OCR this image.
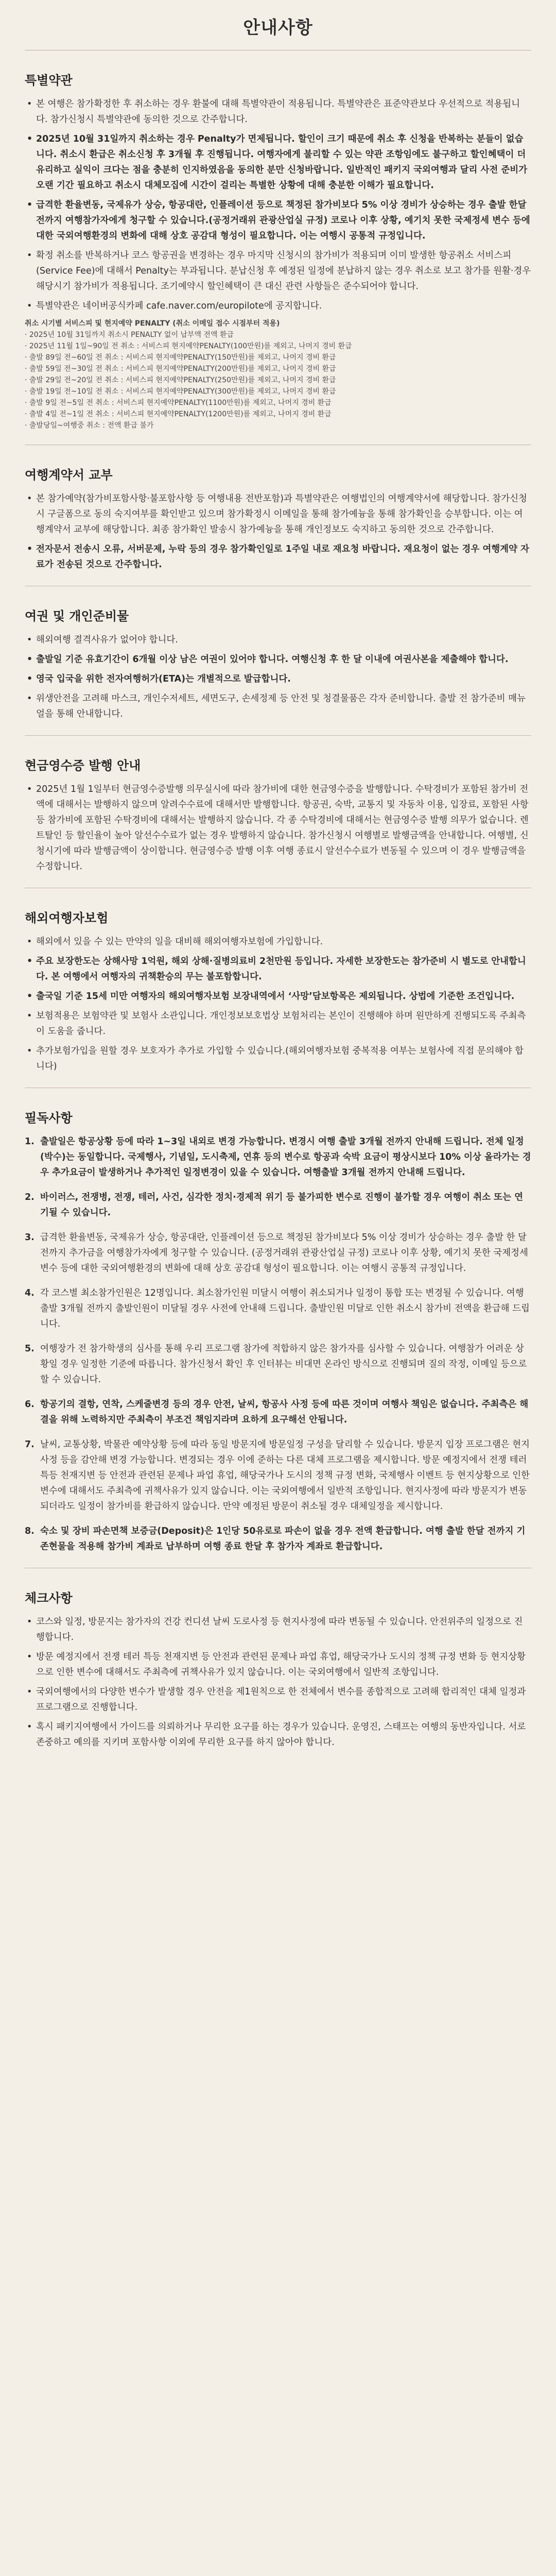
안내사항
특별약관
• 본 여행은 참가확정한 후 취소하는 경우 환불에 대해 특별약관이 적용됩니다. 특별약관은 표준약관보다 우선적으로 적용됩니다. 참가신청시 특별약관에 동의한 것으로 간주합니다.
• 2025년 10월 31일까지 취소하는 경우 Penalty가 면제됩니다. 할인이 크기 때문에 취소 후 신청을 반복하는 분들이 없습니다. 취소시 환급은 취소신청 후 3개월 후 진행됩니다. 여행자에게 불리할 수 있는 약관 조항임에도 불구하고 할인혜택이 더 유리하고 실익이 크다는 점을 충분히 인지하였음을 동의한 분만 신청바랍니다. 일반적인 패키지 국외여행과 달리 사전 준비가 오랜 기간 필요하고 취소시 대체모집에 시간이 걸리는 특별한 상황에 대해 충분한 이해가 필요합니다.
• 급격한 환율변동, 국제유가 상승, 항공대란, 인플레이션 등으로 책정된 참가비보다 5% 이상 경비가 상승하는 경우 출발 한달 전까지 여행참가자에게 청구할 수 있습니다.(공정거래위 관광산업실 규정) 코로나 이후 상황, 예기치 못한 국제정세 변수 등에 대한 국외여행환경의 변화에 대해 상호 공감대 형성이 필요합니다. 이는 여행시 공통적 규정입니다.
• 확정 취소를 반복하거나 코스 항공권을 변경하는 경우 마지막 신청시의 참가비가 적용되며 이미 발생한 항공취소 서비스피(Service Fee)에 대해서 Penalty는 부과됩니다. 분납신청 후 예정된 일정에 분납하지 않는 경우 취소로 보고 참가를 원활·경우 해당시기 참가비가 적용됩니다. 조기예약시 할인혜택이 큰 대신 관련 사항들은 준수되어야 합니다.
• 특별약관은 네이버공식카페 cafe.naver.com/europilote에 공지합니다.
취소 시기별 서비스피 및 현지예약 PENALTY (취소 이메일 접수 시점부터 적용)
· 2025년 10월 31일까지 취소시 PENALTY 없이 납부액 전액 환급
· 2025년 11월 1일~90일 전 취소 : 서비스피 현지예약PENALTY(100만원)를 제외고, 나머지 경비 환급
· 출발 89일 전~60일 전 취소 : 서비스피 현지예약PENALTY(150만원)를 제외고, 나머지 경비 환급
· 출발 59일 전~30일 전 취소 : 서비스피 현지예약PENALTY(200만원)를 제외고, 나머지 경비 환급
· 출발 29일 전~20일 전 취소 : 서비스피 현지예약PENALTY(250만원)를 제외고, 나머지 경비 환급
· 출발 19일 전~10일 전 취소 : 서비스피 현지예약PENALTY(300만원)를 제외고, 나머지 경비 환급
· 출발 9일 전~5일 전 취소 : 서비스피 현지예약PENALTY(1100만원)를 제외고, 나머지 경비 환급
· 출발 4일 전~1일 전 취소 : 서비스피 현지예약PENALTY(1200만원)를 제외고, 나머지 경비 환급
· 출발당일~여행중 취소 : 전액 환급 불가
여행계약서 교부
• 본 참가예약(참가비포함사항·불포함사항 등 여행내용 전반포함)과 특별약관은 여행법인의 여행계약서에 해당합니다. 참가신청시 구글폼으로 동의 숙지여부를 확인받고 있으며 참가확정시 이메일을 통해 참가예늉을 통해 참가확인을 승부합니다. 이는 여행계약서 교부에 해당합니다. 최종 참가확인 발송시 참가예늉을 통해 개인정보도 숙지하고 동의한 것으로 간주합니다.
• 전자문서 전송시 오류, 서버문제, 누락 등의 경우 참가확인일로 1주일 내로 재요청 바랍니다. 재요청이 없는 경우 여행계약 자료가 전송된 것으로 간주합니다.
여권 및 개인준비물
• 해외여행 결격사유가 없어야 합니다.
• 출발일 기준 유효기간이 6개월 이상 남은 여권이 있어야 합니다. 여행신청 후 한 달 이내에 여권사본을 제출해야 합니다.
• 영국 입국을 위한 전자여행허가(ETA)는 개별적으로 발급합니다.
• 위생안전을 고려해 마스크, 개인수저세트, 세면도구, 손세정제 등 안전 및 청결물품은 각자 준비합니다. 출발 전 참가준비 매뉴얼을 통해 안내합니다.
현금영수증 발행 안내
• 2025년 1월 1일부터 현금영수증발행 의무실시에 따라 참가비에 대한 현금영수증을 발행합니다. 수탁경비가 포함된 참가비 전액에 대해서는 발행하지 않으며 알려수수료에 대해서만 발행합니다. 항공권, 숙박, 교통지 및 자동차 이용, 입장료, 포함된 사항 등 참가비에 포함된 수탁경비에 대해서는 발행하지 않습니다. 각 종 수탁경비에 대해서는 현금영수증 발행 의무가 없습니다. 렌트탈인 등 할인율이 높아 알선수수료가 없는 경우 발행하지 않습니다. 참가신청시 여행별로 발행금액을 안내합니다. 여행별, 신청시기에 따라 발행금액이 상이합니다. 현금영수증 발행 이후 여행 종료시 알선수수료가 변동될 수 있으며 이 경우 발행금액을 수정합니다.
해외여행자보험
• 해외에서 있을 수 있는 만약의 일을 대비해 해외여행자보험에 가입합니다.
• 주요 보장한도는 상해사망 1억원, 해외 상해·질병의료비 2천만원 등입니다. 자세한 보장한도는 참가준비 시 별도로 안내합니다. 본 여행에서 여행자의 귀책환승의 무는 불포함합니다.
• 출국일 기준 15세 미만 여행자의 해외여행자보험 보장내역에서 ‘사망’담보항목은 제외됩니다. 상법에 기준한 조건입니다.
• 보험적용은 보험약관 및 보험사 소관입니다. 개인정보보호법상 보험처리는 본인이 진행해야 하며 원만하게 진행되도록 주최측이 도움을 줍니다.
• 추가보험가입을 원할 경우 보호자가 추가로 가입할 수 있습니다.(해외여행자보험 중복적용 여부는 보험사에 직접 문의해야 합니다)
필독사항
1. 출발일은 항공상황 등에 따라 1~3일 내외로 변경 가능합니다. 변경시 여행 출발 3개월 전까지 안내해 드립니다. 전체 일정(박수)는 동일합니다. 국제행사, 기념일, 도시축제, 연휴 등의 변수로 항공과 숙박 요금이 평상시보다 10% 이상 올라가는 경우 추가요금이 발생하거나 추가적인 일정변경이 있을 수 있습니다. 여행출발 3개월 전까지 안내해 드립니다.
2. 바이러스, 전쟁병, 전쟁, 테러, 사건, 심각한 정치·경제적 위기 등 불가피한 변수로 진행이 불가할 경우 여행이 취소 또는 연기될 수 있습니다.
3. 급격한 환율변동, 국제유가 상승, 항공대란, 인플레이션 등으로 책정된 참가비보다 5% 이상 경비가 상승하는 경우 출발 한 달 전까지 추가금을 여행참가자에게 청구할 수 있습니다. (공정거래위 관광산업실 규정) 코로나 이후 상황, 예기치 못한 국제정세 변수 등에 대한 국외여행환경의 변화에 대해 상호 공감대 형성이 필요합니다. 이는 여행시 공통적 규정입니다.
4. 각 코스별 최소참가인원은 12명입니다. 최소참가인원 미달시 여행이 취소되거나 일정이 통합 또는 변경될 수 있습니다. 여행출발 3개월 전까지 출발인원이 미달될 경우 사전에 안내해 드립니다. 출발인원 미달로 인한 취소시 참가비 전액을 환급해 드립니다.
5. 여행장가 전 참가학생의 심사를 통해 우리 프로그램 참가에 적합하지 않은 참가자를 심사할 수 있습니다. 여행참가 어려운 상황일 경우 일정한 기준에 따릅니다. 참가신청서 확인 후 인터뷰는 비대면 온라인 방식으로 진행되며 질의 작정, 이메일 등으로 할 수 있습니다.
6. 항공기의 결항, 연착, 스케줄변경 등의 경우 안전, 날씨, 항공사 사정 등에 따른 것이며 여행사 책임은 없습니다. 주최측은 해결을 위해 노력하지만 주최측이 부조건 책임지라며 요하게 요구해선 안됩니다.
7. 날씨, 교통상황, 박물관 예약상황 등에 따라 동일 방문지에 방문일정 구성을 달리할 수 있습니다. 방문지 입장 프로그램은 현지 사정 등을 감안해 변경 가능합니다. 변경되는 경우 이에 준하는 다른 대체 프로그램을 제시합니다. 방문 예정지에서 전쟁 테러 특등 천재지변 등 안전과 관련된 문제나 파업 휴업, 해당국가나 도시의 정책 규정 변화, 국제행사 이벤트 등 현지상황으로 인한 변수에 대해서도 주최측에 귀책사유가 있지 않습니다. 이는 국외여행에서 일반적 조항입니다. 현지사정에 따라 방문지가 변동되더라도 일정이 참가비를 환급하지 않습니다. 만약 예정된 방문이 취소될 경우 대체일정을 제시합니다.
8. 숙소 및 장비 파손면책 보증금(Deposit)은 1인당 50유로로 파손이 없을 경우 전액 환급합니다. 여행 출발 한달 전까지 기존현물을 적용해 참가비 계좌로 납부하며 여행 종료 한달 후 참가자 계좌로 환급합니다.
체크사항
• 코스와 일정, 방문지는 참가자의 건강 컨디션 날씨 도로사정 등 현지사정에 따라 변동될 수 있습니다. 안전위주의 일정으로 진행합니다.
• 방문 예정지에서 전쟁 테러 특등 천재지변 등 안전과 관련된 문제나 파업 휴업, 해당국가나 도시의 정책 규정 변화 등 현지상황으로 인한 변수에 대해서도 주최측에 귀책사유가 있지 않습니다. 이는 국외여행에서 일반적 조항입니다.
• 국외여행에서의 다양한 변수가 발생할 경우 안전을 제1원칙으로 한 전체에서 변수를 종합적으로 고려해 합리적인 대체 일정과 프로그램으로 진행합니다.
• 혹시 패키지여행에서 가이드를 의뢰하거나 무리한 요구를 하는 경우가 있습니다. 운영진, 스태프는 여행의 동반자입니다. 서로 존중하고 예의를 지키며 포함사항 이외에 무리한 요구를 하지 않아야 합니다.
